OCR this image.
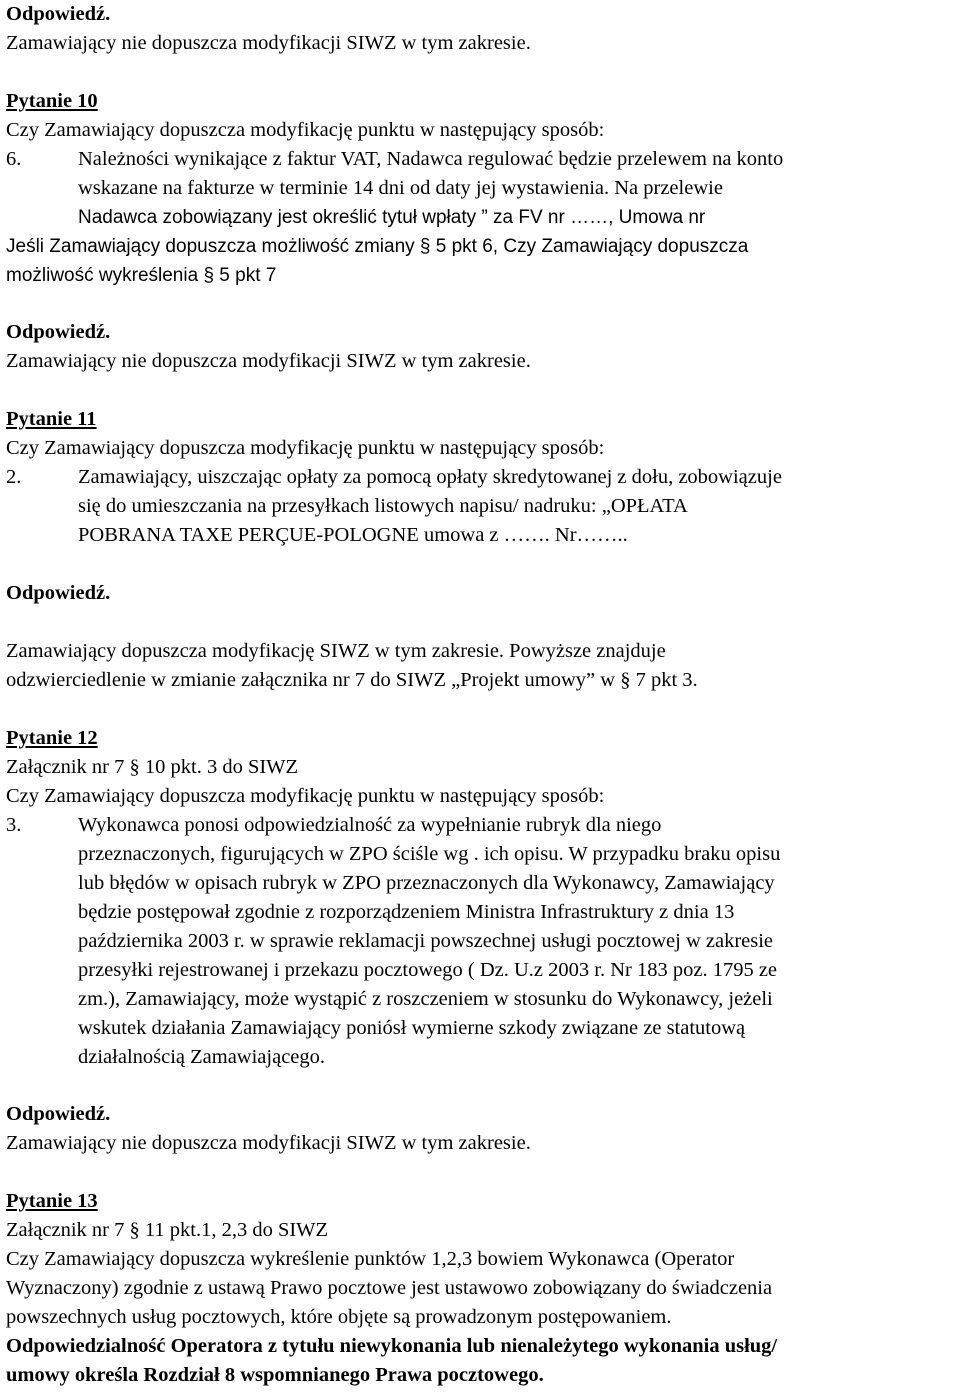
Odpowiedź.

Zamawiający nie dopuszcza modyfikacji SIWZ w tym zakresie.

Pytanie 10

Czy Zamawiający dopuszcza modyfikację punktu w następujący sposób:

6.	Należności wynikające z faktur VAT, Nadawca regulować będzie przelewem na konto

wskazane na fakturze w terminie 14 dni od daty jej wystawienia. Na przelewie

Nadawca zobowiązany jest określić tytuł wpłaty ” za FV nr ……, Umowa nr

Jeśli Zamawiający dopuszcza możliwość zmiany § 5 pkt 6, Czy Zamawiający dopuszcza

możliwość wykreślenia § 5 pkt 7

Odpowiedź.

Zamawiający nie dopuszcza modyfikacji SIWZ w tym zakresie.

Pytanie 11

Czy Zamawiający dopuszcza modyfikację punktu w następujący sposób:

2.	Zamawiający, uiszczając opłaty za pomocą opłaty skredytowanej z dołu, zobowiązuje

się do umieszczania na przesyłkach listowych napisu/ nadruku: „OPŁATA

POBRANA TAXE PERÇUE-POLOGNE umowa z ……. Nr……..

Odpowiedź.

Zamawiający dopuszcza modyfikację SIWZ w tym zakresie. Powyższe znajduje

odzwierciedlenie w zmianie załącznika nr 7 do SIWZ „Projekt umowy” w § 7 pkt 3.

Pytanie 12

Załącznik nr 7 § 10 pkt. 3 do SIWZ

Czy Zamawiający dopuszcza modyfikację punktu w następujący sposób:

3.	Wykonawca ponosi odpowiedzialność za wypełnianie rubryk dla niego

przeznaczonych, figurujących w ZPO ściśle wg . ich opisu. W przypadku braku opisu

lub błędów w opisach rubryk w ZPO przeznaczonych dla Wykonawcy, Zamawiający

będzie postępował zgodnie z rozporządzeniem Ministra Infrastruktury z dnia 13

października 2003 r. w sprawie reklamacji powszechnej usługi pocztowej w zakresie

przesyłki rejestrowanej i przekazu pocztowego ( Dz. U.z 2003 r. Nr 183 poz. 1795 ze

zm.), Zamawiający, może wystąpić z roszczeniem w stosunku do Wykonawcy, jeżeli

wskutek działania Zamawiający poniósł wymierne szkody związane ze statutową

działalnością Zamawiającego.

Odpowiedź.

Zamawiający nie dopuszcza modyfikacji SIWZ w tym zakresie.

Pytanie 13

Załącznik nr 7 § 11 pkt.1, 2,3 do SIWZ

Czy Zamawiający dopuszcza wykreślenie punktów 1,2,3 bowiem Wykonawca (Operator

Wyznaczony) zgodnie z ustawą Prawo pocztowe jest ustawowo zobowiązany do świadczenia

powszechnych usług pocztowych, które objęte są prowadzonym postępowaniem.

Odpowiedzialność Operatora z tytułu niewykonania lub nienależytego wykonania usług/

umowy określa Rozdział 8 wspomnianego Prawa pocztowego.
